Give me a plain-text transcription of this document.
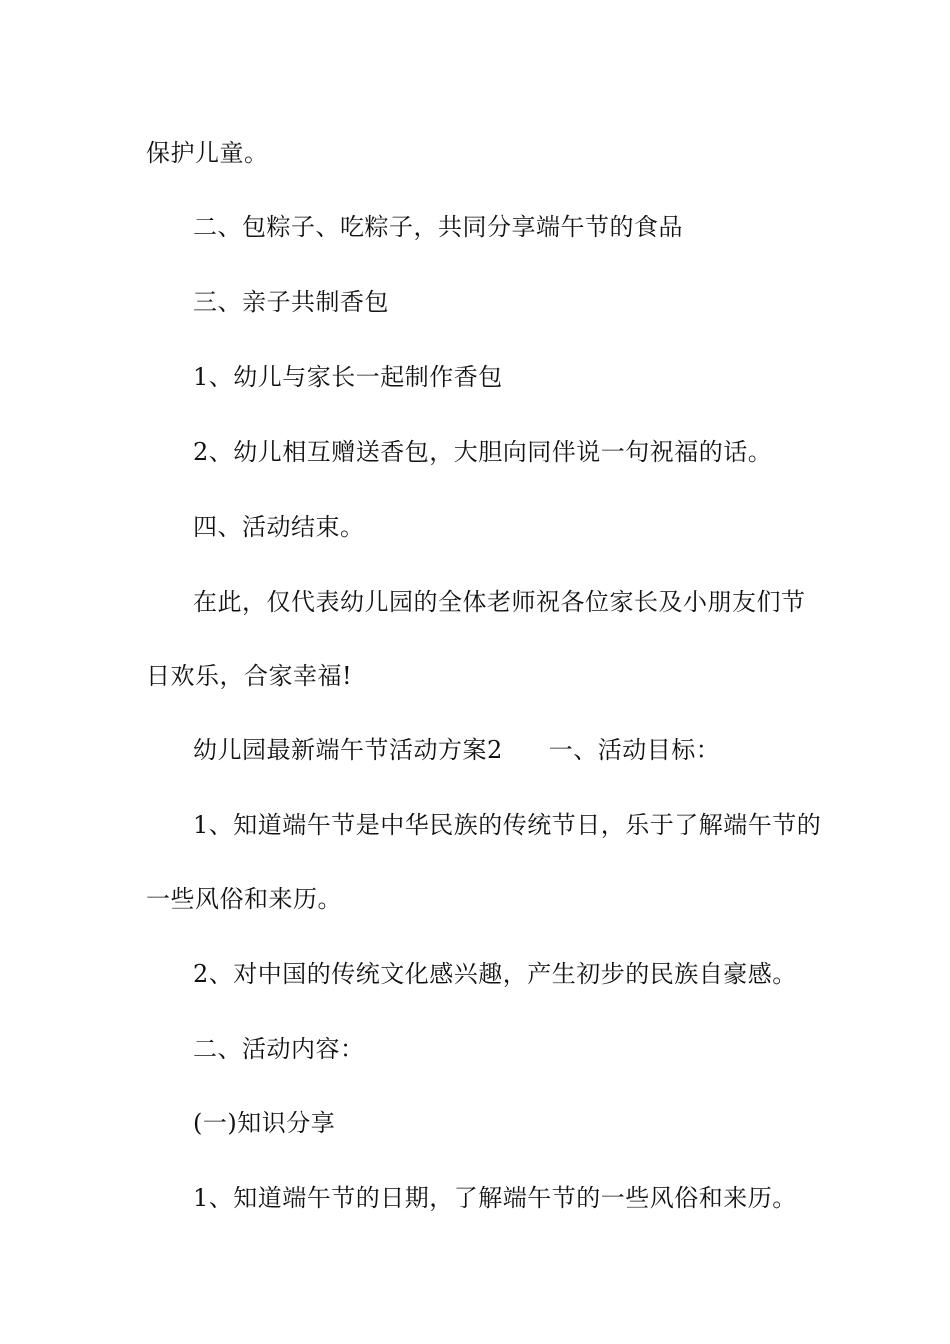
保护儿童。
二、包粽子、吃粽子，共同分享端午节的食品
三、亲子共制香包
1、幼儿与家长一起制作香包
2、幼儿相互赠送香包，大胆向同伴说一句祝福的话。
四、活动结束。
在此，仅代表幼儿园的全体老师祝各位家长及小朋友们节
日欢乐，合家幸福!
幼儿园最新端午节活动方案2 一、活动目标：
1、知道端午节是中华民族的传统节日，乐于了解端午节的
一些风俗和来历。
2、对中国的传统文化感兴趣，产生初步的民族自豪感。
二、活动内容：
(一)知识分享
1、知道端午节的日期，了解端午节的一些风俗和来历。
